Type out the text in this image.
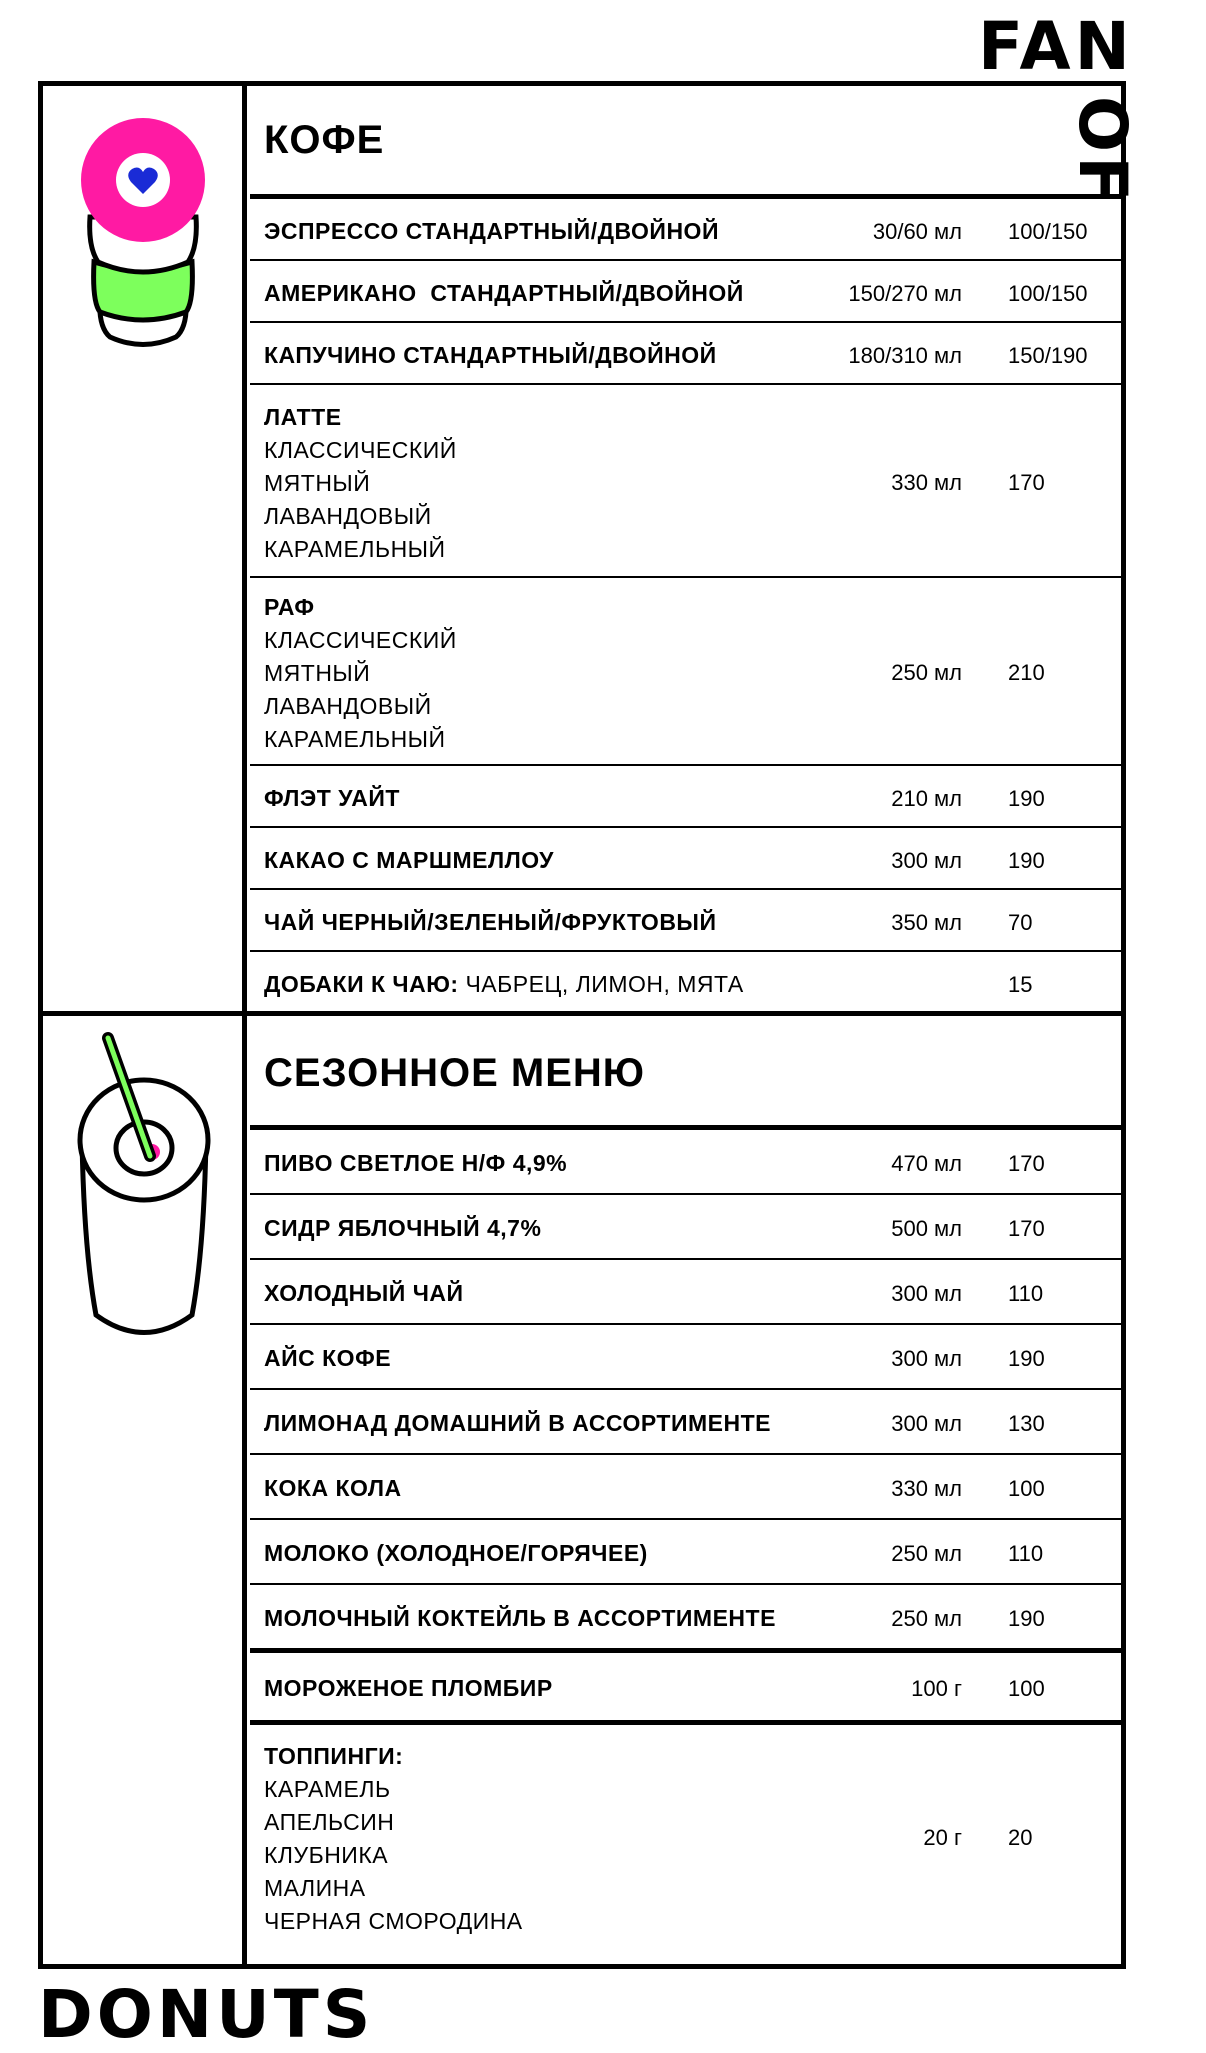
FAN
OF
DONUTS
КОФЕ
ЭСПРЕССО СТАНДАРТНЫЙ/ДВОЙНОЙ	30/60 мл 100/150
АМЕРИКАНО  СТАНДАРТНЫЙ/ДВОЙНОЙ	150/270 мл 100/150
КАПУЧИНО СТАНДАРТНЫЙ/ДВОЙНОЙ	180/310 мл 150/190
ЛАТТЕ
КЛАССИЧЕСКИЙ
МЯТНЫЙ
ЛАВАНДОВЫЙ
КАРАМЕЛЬНЫЙ
330 мл 170
РАФ
КЛАССИЧЕСКИЙ
МЯТНЫЙ
ЛАВАНДОВЫЙ
КАРАМЕЛЬНЫЙ
250 мл 210
ФЛЭТ УАЙТ	210 мл 190
КАКАО С МАРШМЕЛЛОУ	300 мл 190
ЧАЙ ЧЕРНЫЙ/ЗЕЛЕНЫЙ/ФРУКТОВЫЙ	350 мл 70
ДОБАКИ К ЧАЮ: ЧАБРЕЦ, ЛИМОН, МЯТА	15
СЕЗОННОЕ МЕНЮ
ПИВО СВЕТЛОЕ Н/Ф 4,9%	470 мл 170
СИДР ЯБЛОЧНЫЙ 4,7%	500 мл 170
ХОЛОДНЫЙ ЧАЙ	300 мл 110
АЙС КОФЕ	300 мл 190
ЛИМОНАД ДОМАШНИЙ В АССОРТИМЕНТЕ	300 мл 130
КОКА КОЛА	330 мл 100
МОЛОКО (ХОЛОДНОЕ/ГОРЯЧЕЕ)	250 мл 110
МОЛОЧНЫЙ КОКТЕЙЛЬ В АССОРТИМЕНТЕ	250 мл 190
МОРОЖЕНОЕ ПЛОМБИР	100 г 100
ТОППИНГИ:
КАРАМЕЛЬ
АПЕЛЬСИН
КЛУБНИКА
МАЛИНА
ЧЕРНАЯ СМОРОДИНА
20 г 20
